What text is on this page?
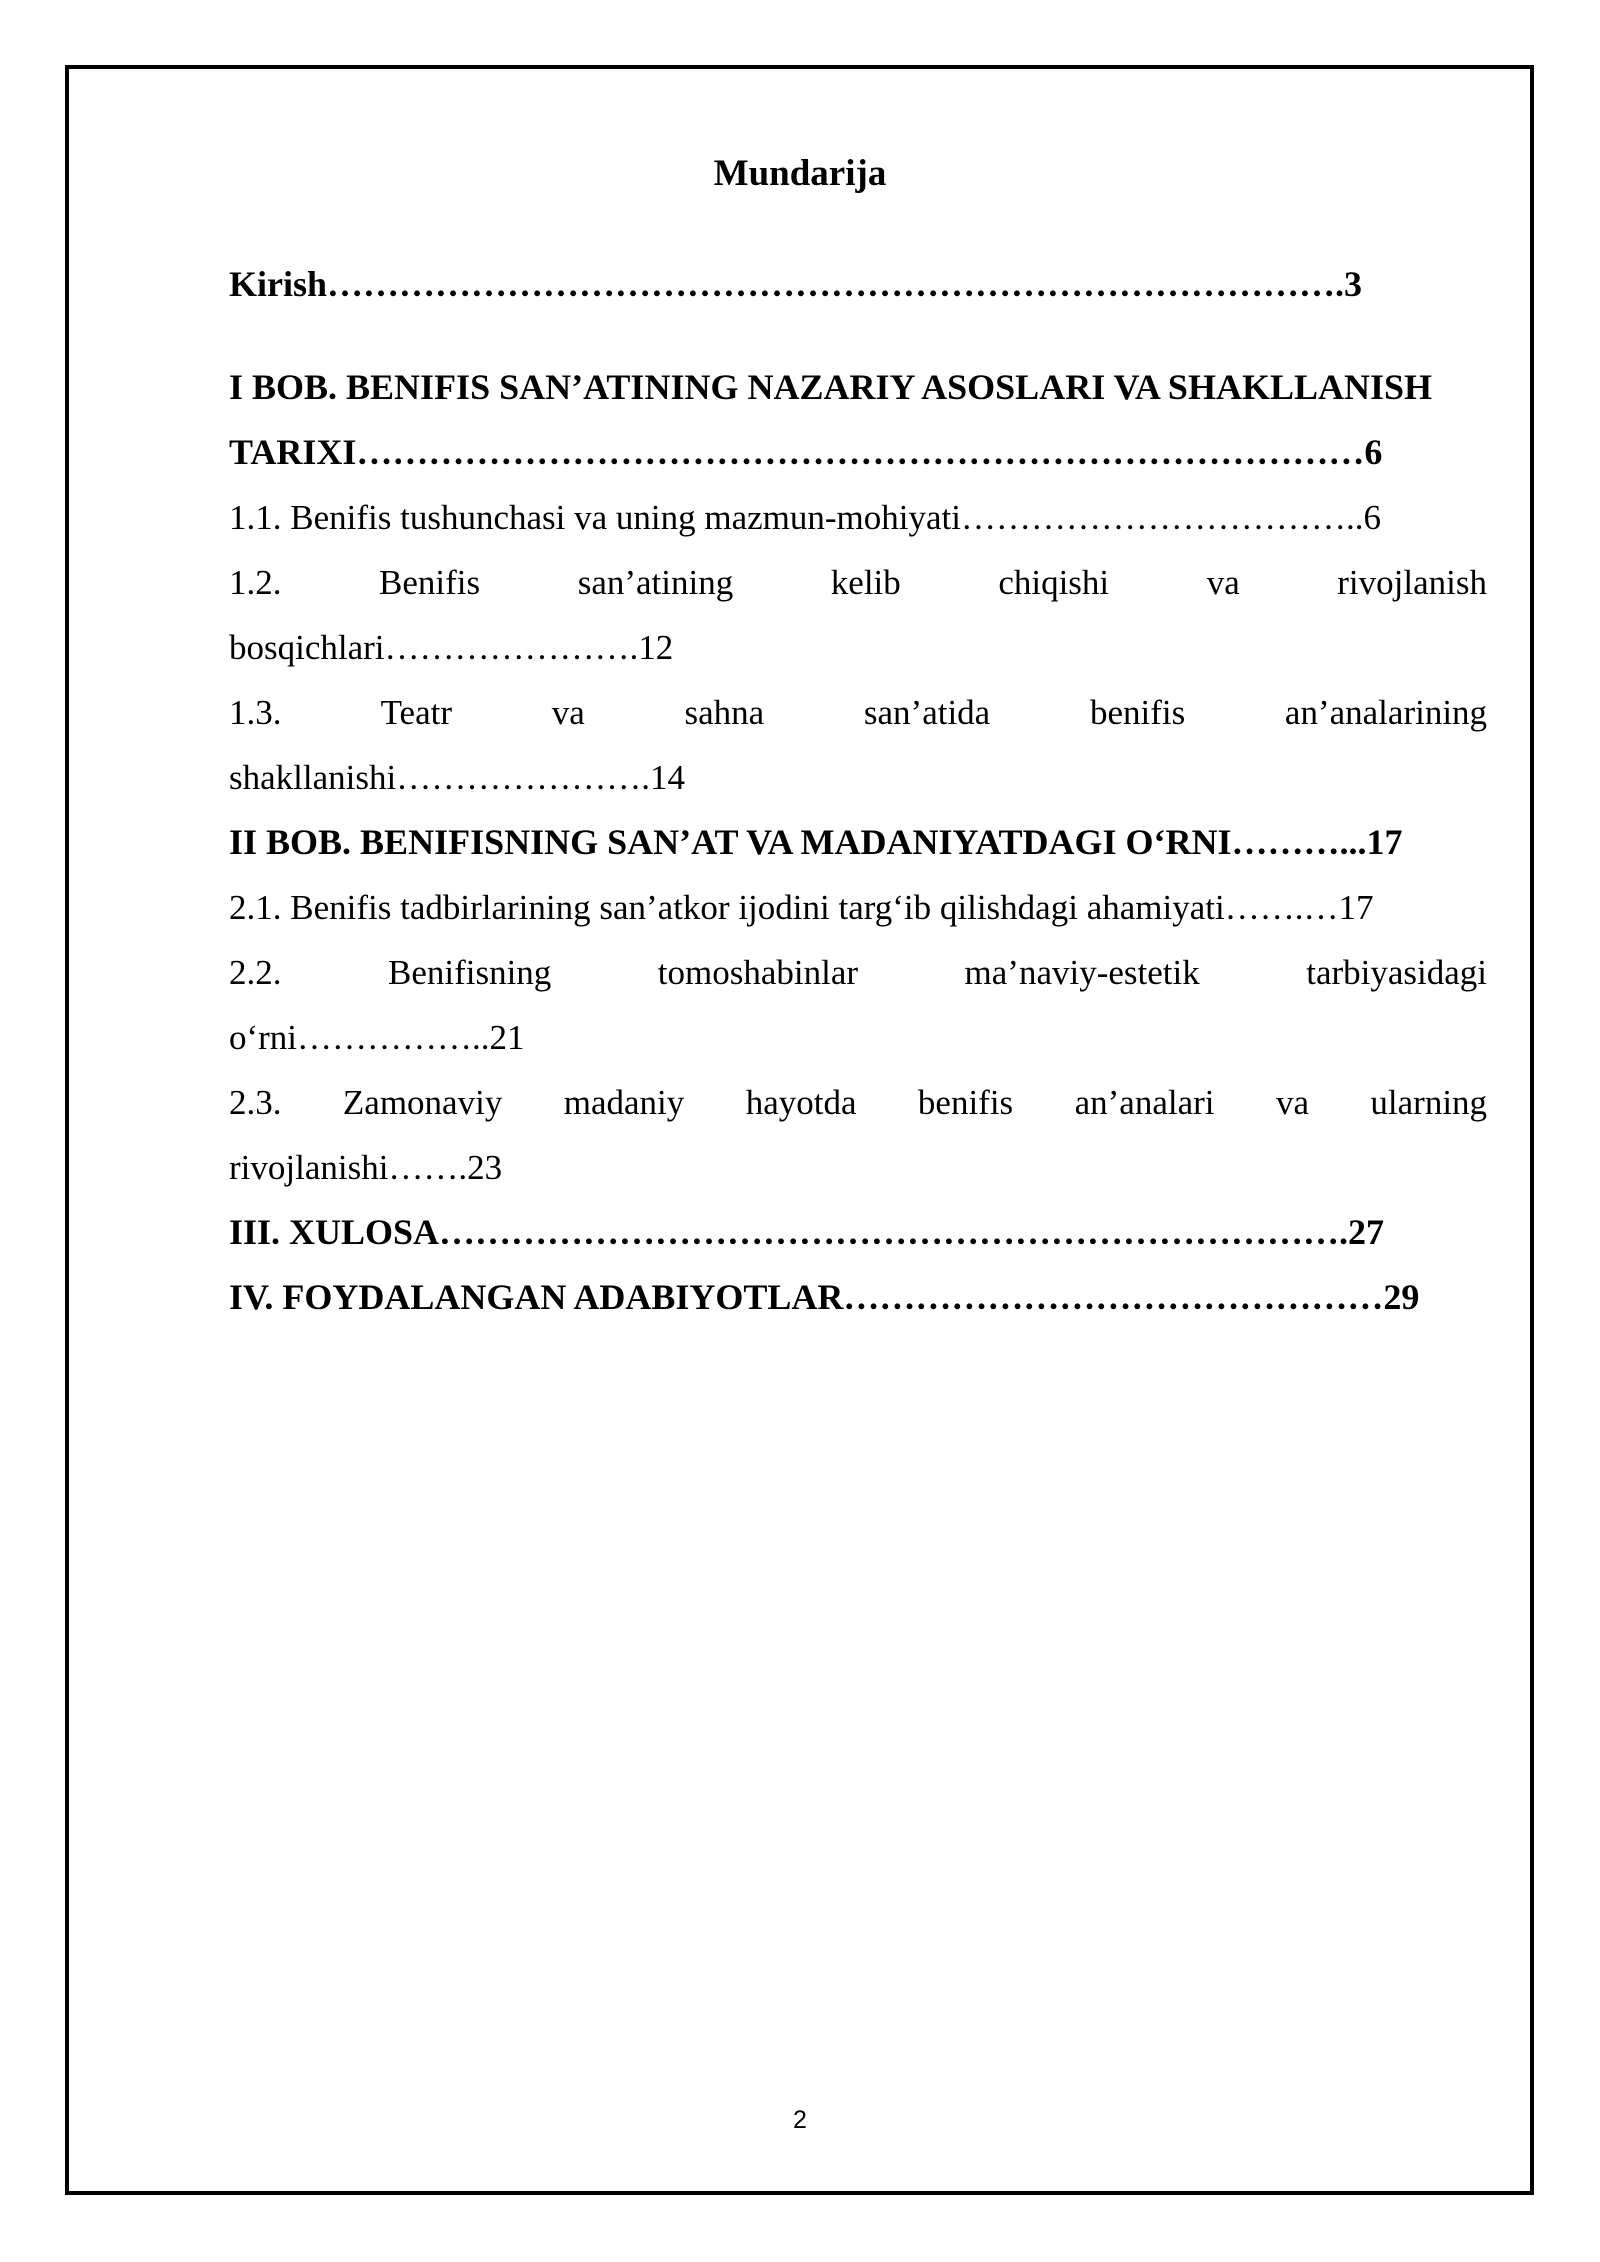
Mundarija
Kirish………………………………………………………………………….3
I BOB. BENIFIS SAN’ATINING NAZARIY ASOSLARI VA SHAKLLANISH
TARIXI…………………………………………………………………………6
1.1. Benifis tushunchasi va uning mazmun-mohiyati……………………………..6
1.2.	Benifis	san’atining	kelib	chiqishi	va	rivojlanish
bosqichlari………………….12
1.3.	Teatr	va	sahna	san’atida	benifis	an’analarining
shakllanishi………………….14
II BOB. BENIFISNING SAN’AT VA MADANIYATDAGI O‘RNI………...17
2.1. Benifis tadbirlarining san’atkor ijodini targ‘ib qilishdagi ahamiyati…….…17
2.2.	Benifisning	tomoshabinlar	ma’naviy-estetik	tarbiyasidagi
o‘rni……………..21
2.3. Zamonaviy madaniy hayotda benifis an’analari va ularning
rivojlanishi…….23
III. XULOSA………………………………………………………………….27
IV. FOYDALANGAN ADABIYOTLAR………………………………………29
2
